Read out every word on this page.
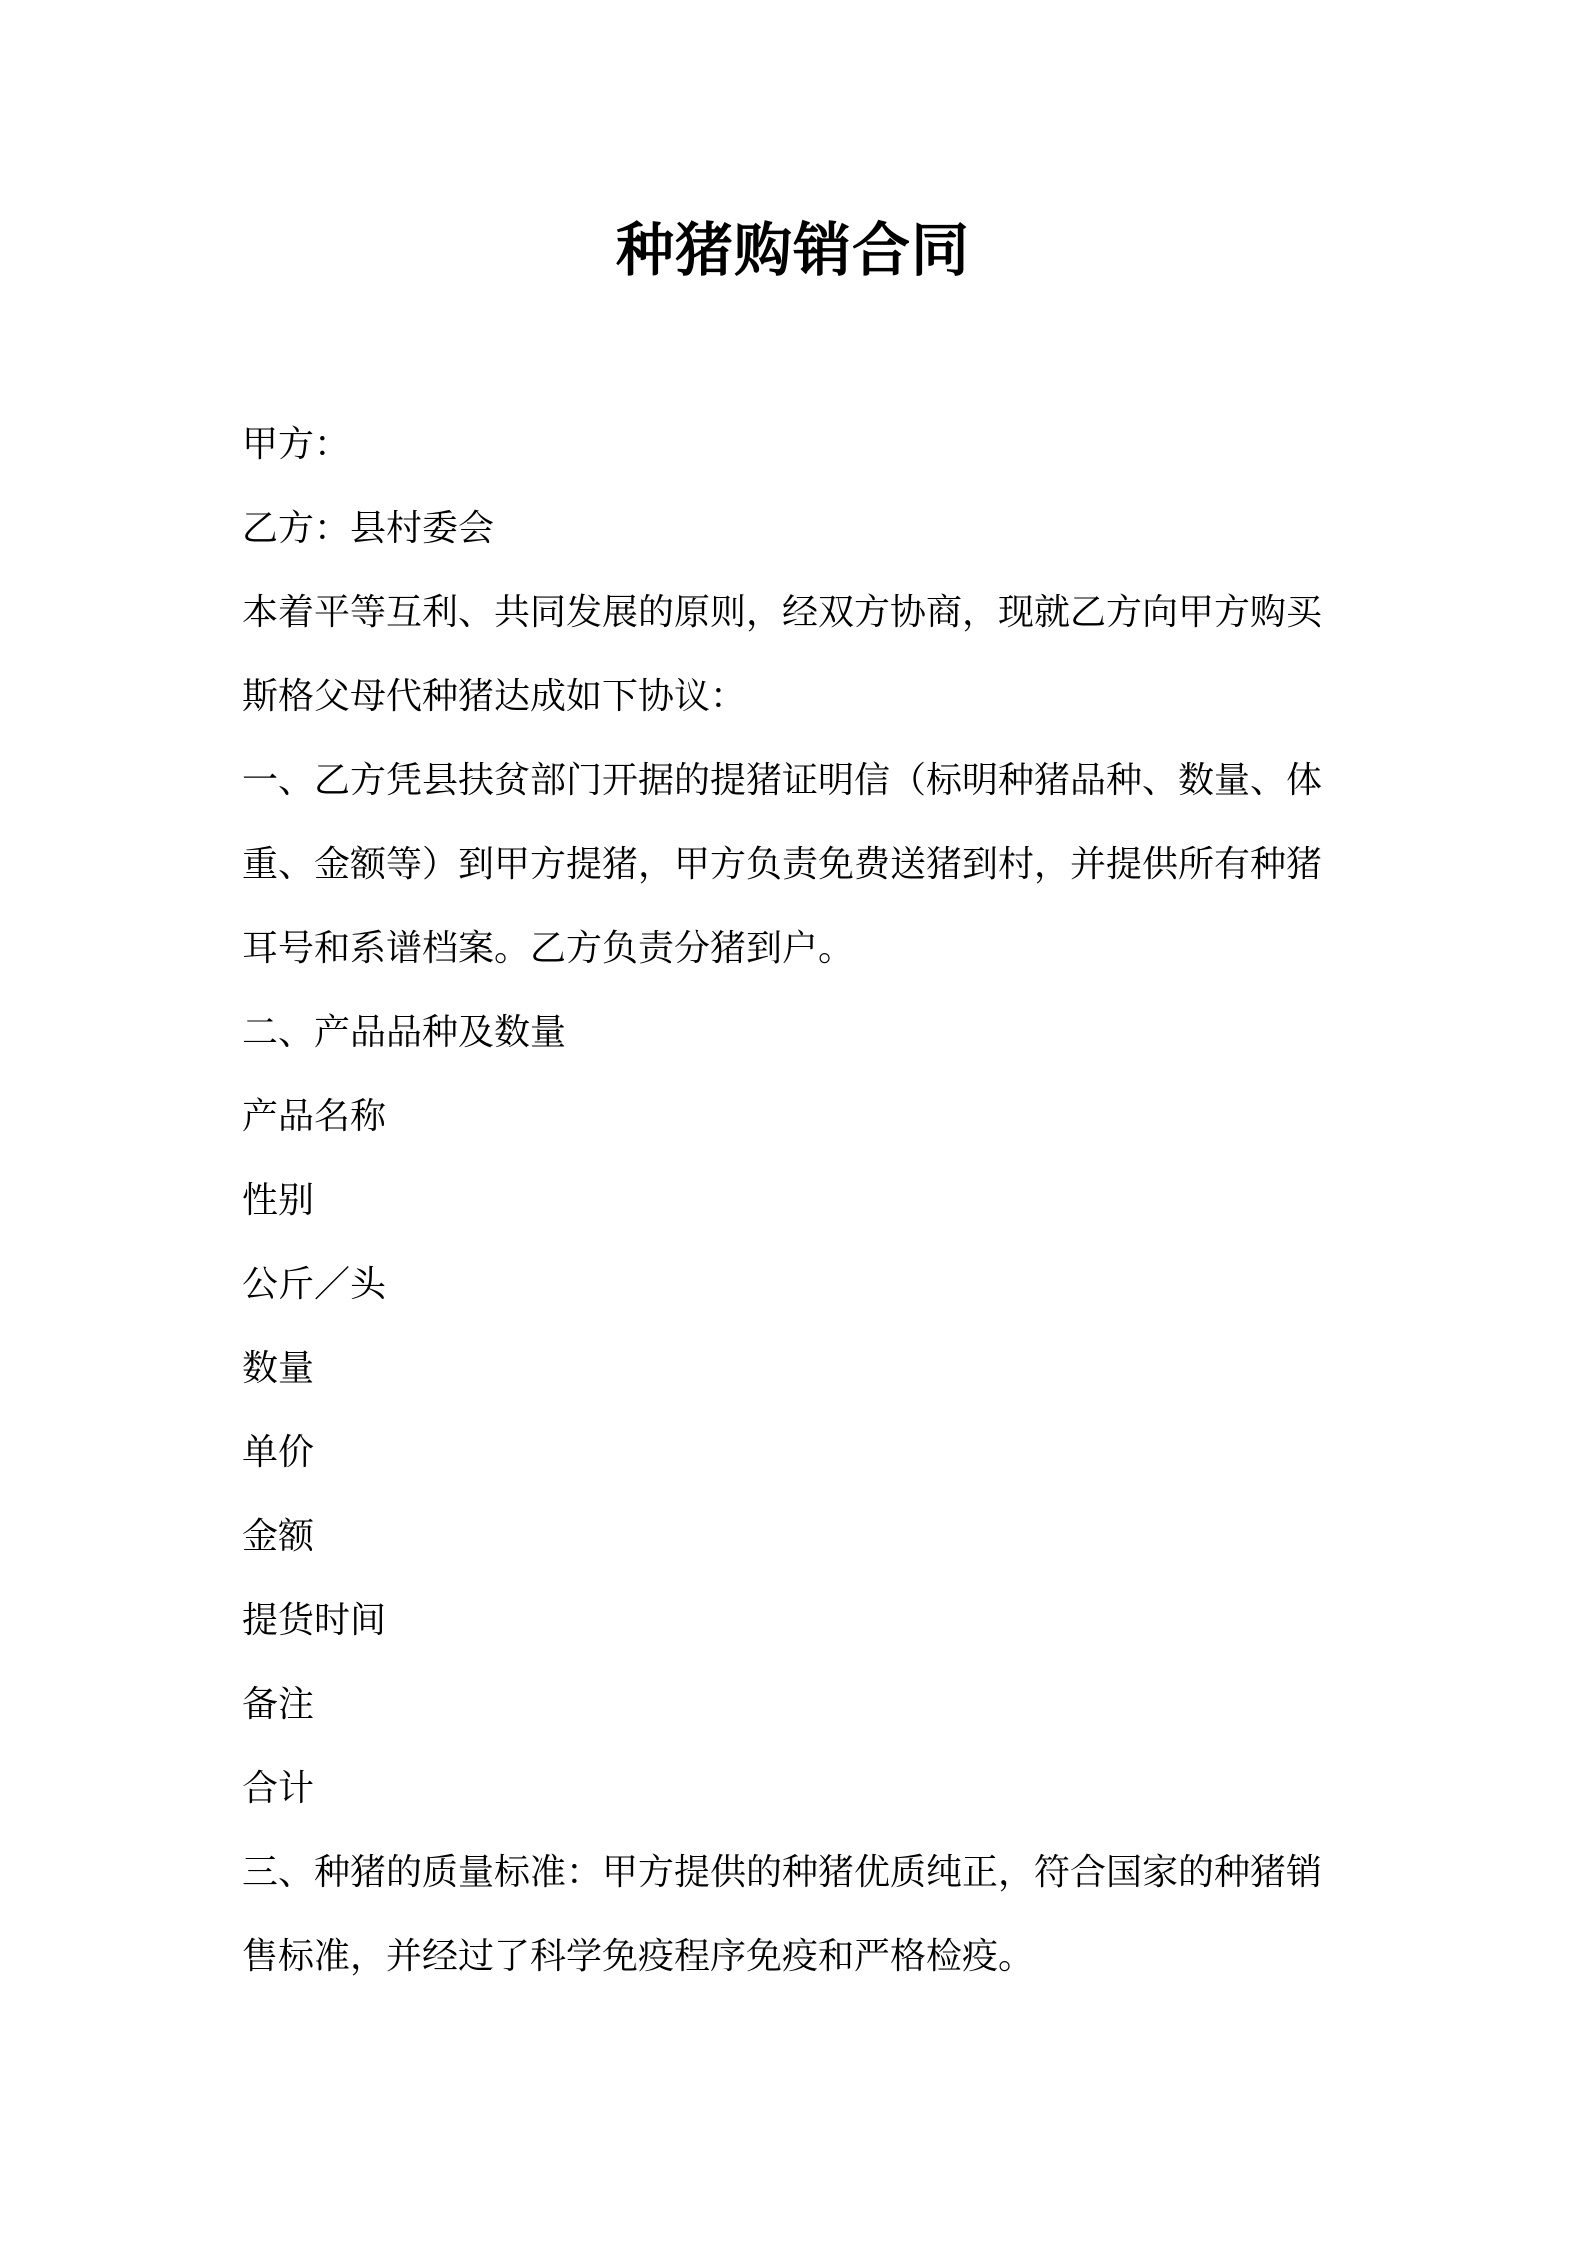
种猪购销合同
甲方：
乙方：县村委会
本着平等互利、共同发展的原则，经双方协商，现就乙方向甲方购买
斯格父母代种猪达成如下协议：
一、乙方凭县扶贫部门开据的提猪证明信（标明种猪品种、数量、体
重、金额等）到甲方提猪，甲方负责免费送猪到村，并提供所有种猪
耳号和系谱档案。乙方负责分猪到户。
二、产品品种及数量
产品名称
性别
公斤／头
数量
单价
金额
提货时间
备注
合计
三、种猪的质量标准：甲方提供的种猪优质纯正，符合国家的种猪销
售标准，并经过了科学免疫程序免疫和严格检疫。
